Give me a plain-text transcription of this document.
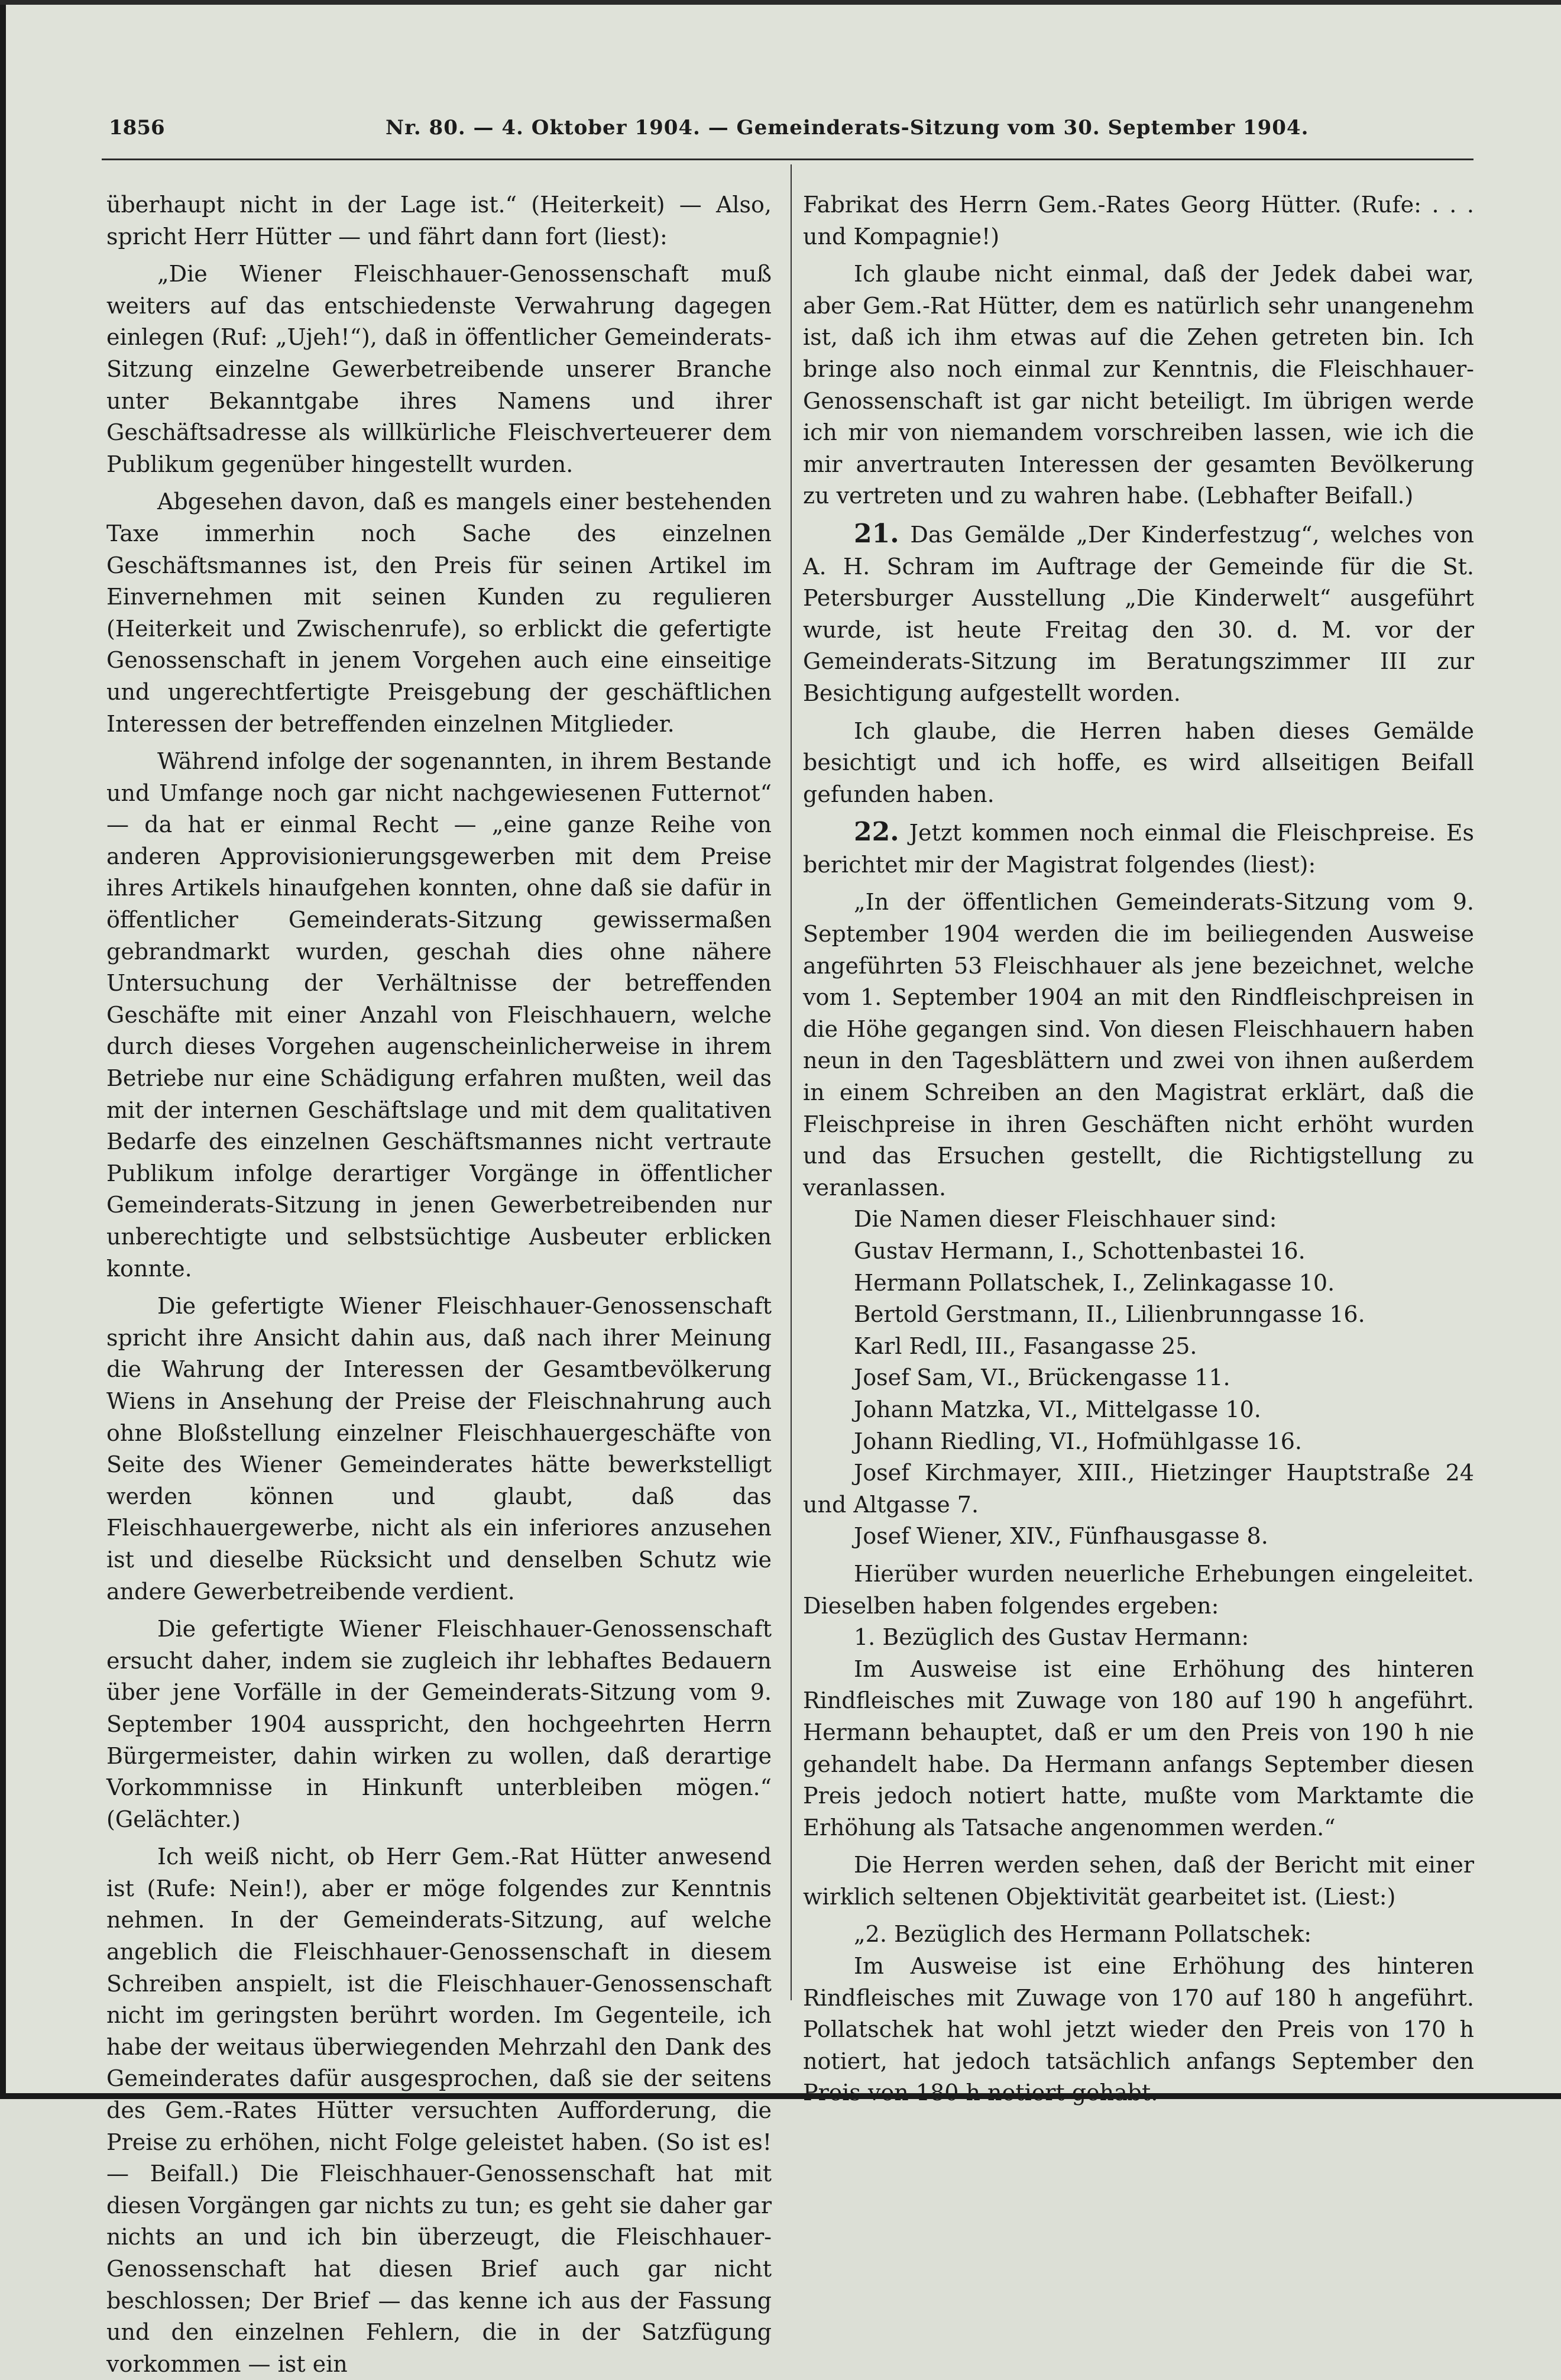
1856	Nr. 80. — 4. Oktober 1904. — Gemeinderats-Sitzung vom 30. September 1904.

überhaupt nicht in der Lage ist.“ (Heiterkeit) — Also, spricht Herr Hütter — und fährt dann fort (liest):

„Die Wiener Fleischhauer-Genossenschaft muß weiters auf das entschiedenste Verwahrung dagegen einlegen (Ruf: „Ujeh!“), daß in öffentlicher Gemeinderats-Sitzung einzelne Gewerbetreibende unserer Branche unter Bekanntgabe ihres Namens und ihrer Geschäftsadresse als willkürliche Fleischverteuerer dem Publikum gegenüber hingestellt wurden.

Abgesehen davon, daß es mangels einer bestehenden Taxe immerhin noch Sache des einzelnen Geschäftsmannes ist, den Preis für seinen Artikel im Einvernehmen mit seinen Kunden zu regulieren (Heiterkeit und Zwischenrufe), so erblickt die gefertigte Genossenschaft in jenem Vorgehen auch eine einseitige und ungerechtfertigte Preisgebung der geschäftlichen Interessen der betreffenden einzelnen Mitglieder.

Während infolge der sogenannten, in ihrem Bestande und Umfange noch gar nicht nachgewiesenen Futternot“ — da hat er einmal Recht — „eine ganze Reihe von anderen Approvisionierungsgewerben mit dem Preise ihres Artikels hinaufgehen konnten, ohne daß sie dafür in öffentlicher Gemeinderats-Sitzung gewissermaßen gebrandmarkt wurden, geschah dies ohne nähere Untersuchung der Verhältnisse der betreffenden Geschäfte mit einer Anzahl von Fleischhauern, welche durch dieses Vorgehen augenscheinlicherweise in ihrem Betriebe nur eine Schädigung erfahren mußten, weil das mit der internen Geschäftslage und mit dem qualitativen Bedarfe des einzelnen Geschäftsmannes nicht vertraute Publikum infolge derartiger Vorgänge in öffentlicher Gemeinderats-Sitzung in jenen Gewerbetreibenden nur unberechtigte und selbstsüchtige Ausbeuter erblicken konnte.

Die gefertigte Wiener Fleischhauer-Genossenschaft spricht ihre Ansicht dahin aus, daß nach ihrer Meinung die Wahrung der Interessen der Gesamtbevölkerung Wiens in Ansehung der Preise der Fleischnahrung auch ohne Bloßstellung einzelner Fleischhauergeschäfte von Seite des Wiener Gemeinderates hätte bewerkstelligt werden können und glaubt, daß das Fleischhauergewerbe, nicht als ein inferiores anzusehen ist und dieselbe Rücksicht und denselben Schutz wie andere Gewerbetreibende verdient.

Die gefertigte Wiener Fleischhauer-Genossenschaft ersucht daher, indem sie zugleich ihr lebhaftes Bedauern über jene Vorfälle in der Gemeinderats-Sitzung vom 9. September 1904 ausspricht, den hochgeehrten Herrn Bürgermeister, dahin wirken zu wollen, daß derartige Vorkommnisse in Hinkunft unterbleiben mögen.“ (Gelächter.)

Ich weiß nicht, ob Herr Gem.-Rat Hütter anwesend ist (Rufe: Nein!), aber er möge folgendes zur Kenntnis nehmen. In der Gemeinderats-Sitzung, auf welche angeblich die Fleischhauer-Genossenschaft in diesem Schreiben anspielt, ist die Fleischhauer-Genossenschaft nicht im geringsten berührt worden. Im Gegenteile, ich habe der weitaus überwiegenden Mehrzahl den Dank des Gemeinderates dafür ausgesprochen, daß sie der seitens des Gem.-Rates Hütter versuchten Aufforderung, die Preise zu erhöhen, nicht Folge geleistet haben. (So ist es! — Beifall.) Die Fleischhauer-Genossenschaft hat mit diesen Vorgängen gar nichts zu tun; es geht sie daher gar nichts an und ich bin überzeugt, die Fleischhauer-Genossenschaft hat diesen Brief auch gar nicht beschlossen; Der Brief — das kenne ich aus der Fassung und den einzelnen Fehlern, die in der Satzfügung vorkommen — ist ein

Fabrikat des Herrn Gem.-Rates Georg Hütter. (Rufe: . . . und Kompagnie!)

Ich glaube nicht einmal, daß der Jedek dabei war, aber Gem.-Rat Hütter, dem es natürlich sehr unangenehm ist, daß ich ihm etwas auf die Zehen getreten bin. Ich bringe also noch einmal zur Kenntnis, die Fleischhauer-Genossenschaft ist gar nicht beteiligt. Im übrigen werde ich mir von niemandem vorschreiben lassen, wie ich die mir anvertrauten Interessen der gesamten Bevölkerung zu vertreten und zu wahren habe. (Lebhafter Beifall.)

21. Das Gemälde „Der Kinderfestzug“, welches von A. H. Schram im Auftrage der Gemeinde für die St. Petersburger Ausstellung „Die Kinderwelt“ ausgeführt wurde, ist heute Freitag den 30. d. M. vor der Gemeinderats-Sitzung im Beratungszimmer III zur Besichtigung aufgestellt worden.

Ich glaube, die Herren haben dieses Gemälde besichtigt und ich hoffe, es wird allseitigen Beifall gefunden haben.

22. Jetzt kommen noch einmal die Fleischpreise. Es berichtet mir der Magistrat folgendes (liest):

„In der öffentlichen Gemeinderats-Sitzung vom 9. September 1904 werden die im beiliegenden Ausweise angeführten 53 Fleischhauer als jene bezeichnet, welche vom 1. September 1904 an mit den Rindfleischpreisen in die Höhe gegangen sind. Von diesen Fleischhauern haben neun in den Tagesblättern und zwei von ihnen außerdem in einem Schreiben an den Magistrat erklärt, daß die Fleischpreise in ihren Geschäften nicht erhöht wurden und das Ersuchen gestellt, die Richtigstellung zu veranlassen.

Die Namen dieser Fleischhauer sind:

Gustav Hermann, I., Schottenbastei 16.

Hermann Pollatschek, I., Zelinkagasse 10.

Bertold Gerstmann, II., Lilienbrunngasse 16.

Karl Redl, III., Fasangasse 25.

Josef Sam, VI., Brückengasse 11.

Johann Matzka, VI., Mittelgasse 10.

Johann Riedling, VI., Hofmühlgasse 16.

Josef Kirchmayer, XIII., Hietzinger Hauptstraße 24 und Altgasse 7.

Josef Wiener, XIV., Fünfhausgasse 8.

Hierüber wurden neuerliche Erhebungen eingeleitet. Dieselben haben folgendes ergeben:

1. Bezüglich des Gustav Hermann:

Im Ausweise ist eine Erhöhung des hinteren Rindfleisches mit Zuwage von 180 auf 190 h angeführt. Hermann behauptet, daß er um den Preis von 190 h nie gehandelt habe. Da Hermann anfangs September diesen Preis jedoch notiert hatte, mußte vom Marktamte die Erhöhung als Tatsache angenommen werden.“

Die Herren werden sehen, daß der Bericht mit einer wirklich seltenen Objektivität gearbeitet ist. (Liest:)

„2. Bezüglich des Hermann Pollatschek:

Im Ausweise ist eine Erhöhung des hinteren Rindfleisches mit Zuwage von 170 auf 180 h angeführt. Pollatschek hat wohl jetzt wieder den Preis von 170 h notiert, hat jedoch tatsächlich anfangs September den Preis von 180 h notiert gehabt.
